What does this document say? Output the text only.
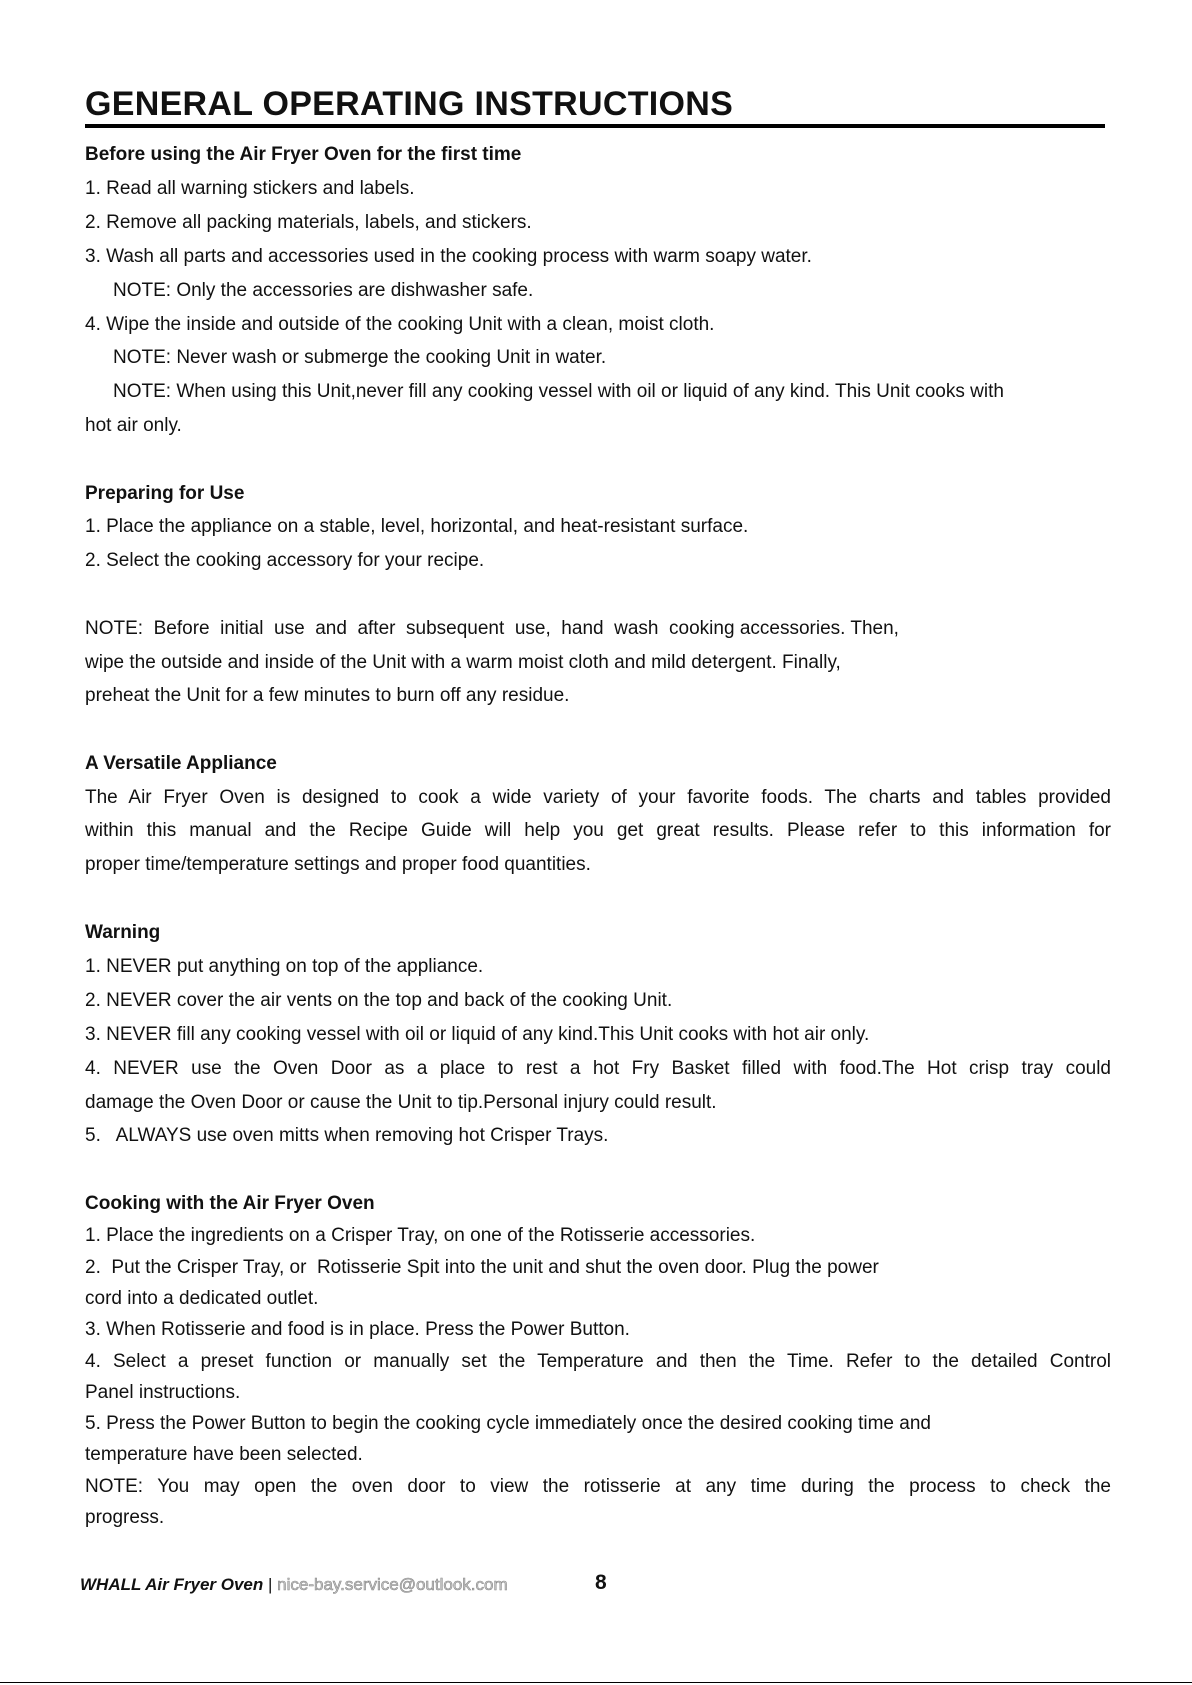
GENERAL OPERATING INSTRUCTIONS
Before using the Air Fryer Oven for the first time
1. Read all warning stickers and labels.
2. Remove all packing materials, labels, and stickers.
3. Wash all parts and accessories used in the cooking process with warm soapy water.
NOTE: Only the accessories are dishwasher safe.
4. Wipe the inside and outside of the cooking Unit with a clean, moist cloth.
NOTE: Never wash or submerge the cooking Unit in water.
NOTE: When using this Unit,never fill any cooking vessel with oil or liquid of any kind. This Unit cooks with
hot air only.
Preparing for Use
1. Place the appliance on a stable, level, horizontal, and heat-resistant surface.
2. Select the cooking accessory for your recipe.
NOTE:  Before  initial  use  and  after  subsequent  use,  hand  wash  cooking accessories. Then,
wipe the outside and inside of the Unit with a warm moist cloth and mild detergent. Finally,
preheat the Unit for a few minutes to burn off any residue.
A Versatile Appliance
The Air Fryer Oven is designed to cook a wide variety of your favorite foods. The charts and tables provided
within this manual and the Recipe Guide will help you get great results. Please refer to this information for
proper time/temperature settings and proper food quantities.
Warning
1. NEVER put anything on top of the appliance.
2. NEVER cover the air vents on the top and back of the cooking Unit.
3. NEVER fill any cooking vessel with oil or liquid of any kind.This Unit cooks with hot air only.
4. NEVER use the Oven Door as a place to rest a hot Fry Basket filled with food.The Hot crisp tray could
damage the Oven Door or cause the Unit to tip.Personal injury could result.
5.   ALWAYS use oven mitts when removing hot Crisper Trays.
Cooking with the Air Fryer Oven
1. Place the ingredients on a Crisper Tray, on one of the Rotisserie accessories.
2.  Put the Crisper Tray, or  Rotisserie Spit into the unit and shut the oven door. Plug the power
cord into a dedicated outlet.
3. When Rotisserie and food is in place. Press the Power Button.
4. Select a preset function or manually set the Temperature and then the Time. Refer to the detailed Control
Panel instructions.
5. Press the Power Button to begin the cooking cycle immediately once the desired cooking time and
temperature have been selected.
NOTE: You may open the oven door to view the rotisserie at any time during the process to check the
progress.
WHALL Air Fryer Oven | nice-bay.service@outlook.com	8
